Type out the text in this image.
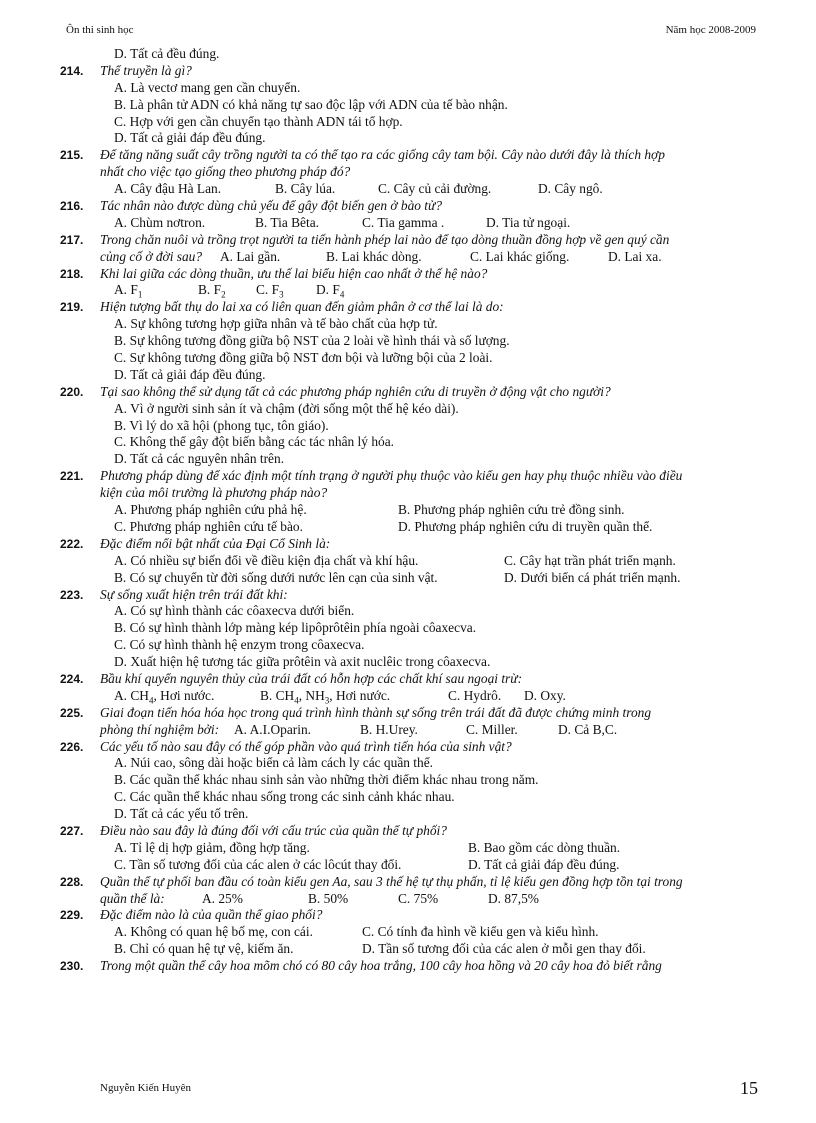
Ôn thi sinh học	Năm học 2008-2009
D. Tất cả đều đúng.
214. Thể truyền là gì?
A. Là vectơ mang gen cần chuyển.
B. Là phân tử ADN có khả năng tự sao độc lập với ADN của tế bào nhận.
C. Hợp với gen cần chuyển tạo thành ADN tái tổ hợp.
D. Tất cả giải đáp đều đúng.
215. Để tăng năng suất cây trồng người ta có thể tạo ra các giống cây tam bội. Cây nào dưới đây là thích hợp
nhất cho việc tạo giống theo phương pháp đó?
A. Cây đậu Hà Lan.	B. Cây lúa.	C. Cây củ cải đường.	D. Cây ngô.
216. Tác nhân nào được dùng chủ yếu để gây đột biến gen ở bào tử?
A. Chùm nơtron.	B. Tia Bêta.	C. Tia gamma .	D. Tia tử ngoại.
217. Trong chăn nuôi và trồng trọt người ta tiến hành phép lai nào để tạo dòng thuần đồng hợp về gen quý cần
củng cố ở đời sau? A. Lai gần.	B. Lai khác dòng.	C. Lai khác giống.	D. Lai xa.
218. Khi lai giữa các dòng thuần, ưu thế lai biểu hiện cao nhất ở thế hệ nào?
A. $F_1$	B. $F_2$ C. $F_3$ D. $F_4$
219. Hiện tượng bất thụ do lai xa có liên quan đến giảm phân ở cơ thể lai là do:
A. Sự không tương hợp giữa nhân và tế bào chất của hợp tử.
B. Sự không tương đồng giữa bộ NST của 2 loài về hình thái và số lượng.
C. Sự không tương đồng giữa bộ NST đơn bội và lưỡng bội của 2 loài.
D. Tất cả giải đáp đều đúng.
220. Tại sao không thể sử dụng tất cả các phương pháp nghiên cứu di truyền ở động vật cho người?
A. Vì ở người sinh sản ít và chậm (đời sống một thế hệ kéo dài).
B. Vì lý do xã hội (phong tục, tôn giáo).
C. Không thể gây đột biến bằng các tác nhân lý hóa.
D. Tất cả các nguyên nhân trên.
221. Phương pháp dùng để xác định một tính trạng ở người phụ thuộc vào kiểu gen hay phụ thuộc nhiều vào điều
kiện của môi trường là phương pháp nào?
A. Phương pháp nghiên cứu phả hệ.	B. Phương pháp nghiên cứu trẻ đồng sinh.
C. Phương pháp nghiên cứu tế bào.	D. Phương pháp nghiên cứu di truyền quần thể.
222. Đặc điểm nổi bật nhất của Đại Cổ Sinh là:
A. Có nhiều sự biến đổi về điều kiện địa chất và khí hậu.	C. Cây hạt trần phát triển mạnh.
B. Có sự chuyển từ đời sống dưới nước lên cạn của sinh vật.	D. Dưới biển cá phát triển mạnh.
223. Sự sống xuất hiện trên trái đất khi:
A. Có sự hình thành các côaxecva dưới biển.
B. Có sự hình thành lớp màng kép lipôprôtêin phía ngoài côaxecva.
C. Có sự hình thành hệ enzym trong côaxecva.
D. Xuất hiện hệ tương tác giữa prôtêin và axit nuclêic trong côaxecva.
224. Bầu khí quyển nguyên thủy của trái đất có hỗn hợp các chất khí sau ngoại trừ:
A. $CH_4$, Hơi nước.	B. $CH_4$, $NH_3$, Hơi nước.	C. Hydrô. D. Oxy.
225. Giai đoạn tiến hóa hóa học trong quá trình hình thành sự sống trên trái đất đã được chứng minh trong
phòng thí nghiệm bởi: A. A.I.Oparin.	B. H.Urey.	C. Miller.	D. Cả B,C.
226. Các yếu tố nào sau đây có thể góp phần vào quá trình tiến hóa của sinh vật?
A. Núi cao, sông dài hoặc biển cả làm cách ly các quần thể.
B. Các quần thể khác nhau sinh sản vào những thời điểm khác nhau trong năm.
C. Các quần thể khác nhau sống trong các sinh cảnh khác nhau.
D. Tất cả các yếu tố trên.
227. Điều nào sau đây là đúng đối với cấu trúc của quần thể tự phối?
A. Tỉ lệ dị hợp giảm, đồng hợp tăng.	B. Bao gồm các dòng thuần.
C. Tần số tương đối của các alen ở các lôcút thay đổi.	D. Tất cả giải đáp đều đúng.
228. Quần thể tự phối ban đầu có toàn kiểu gen Aa, sau 3 thế hệ tự thụ phấn, tỉ lệ kiểu gen đồng hợp tồn tại trong
quần thể là:	A. 25%	B. 50%	C. 75%	D. 87,5%
229. Đặc điểm nào là của quần thể giao phối?
A. Không có quan hệ bố mẹ, con cái.	C. Có tính đa hình về kiểu gen và kiểu hình.
B. Chỉ có quan hệ tự vệ, kiếm ăn.	D. Tần số tương đối của các alen ở mỗi gen thay đổi.
230. Trong một quần thể cây hoa mõm chó có 80 cây hoa trắng, 100 cây hoa hồng và 20 cây hoa đỏ biết rằng
Nguyễn Kiến Huyên	15
